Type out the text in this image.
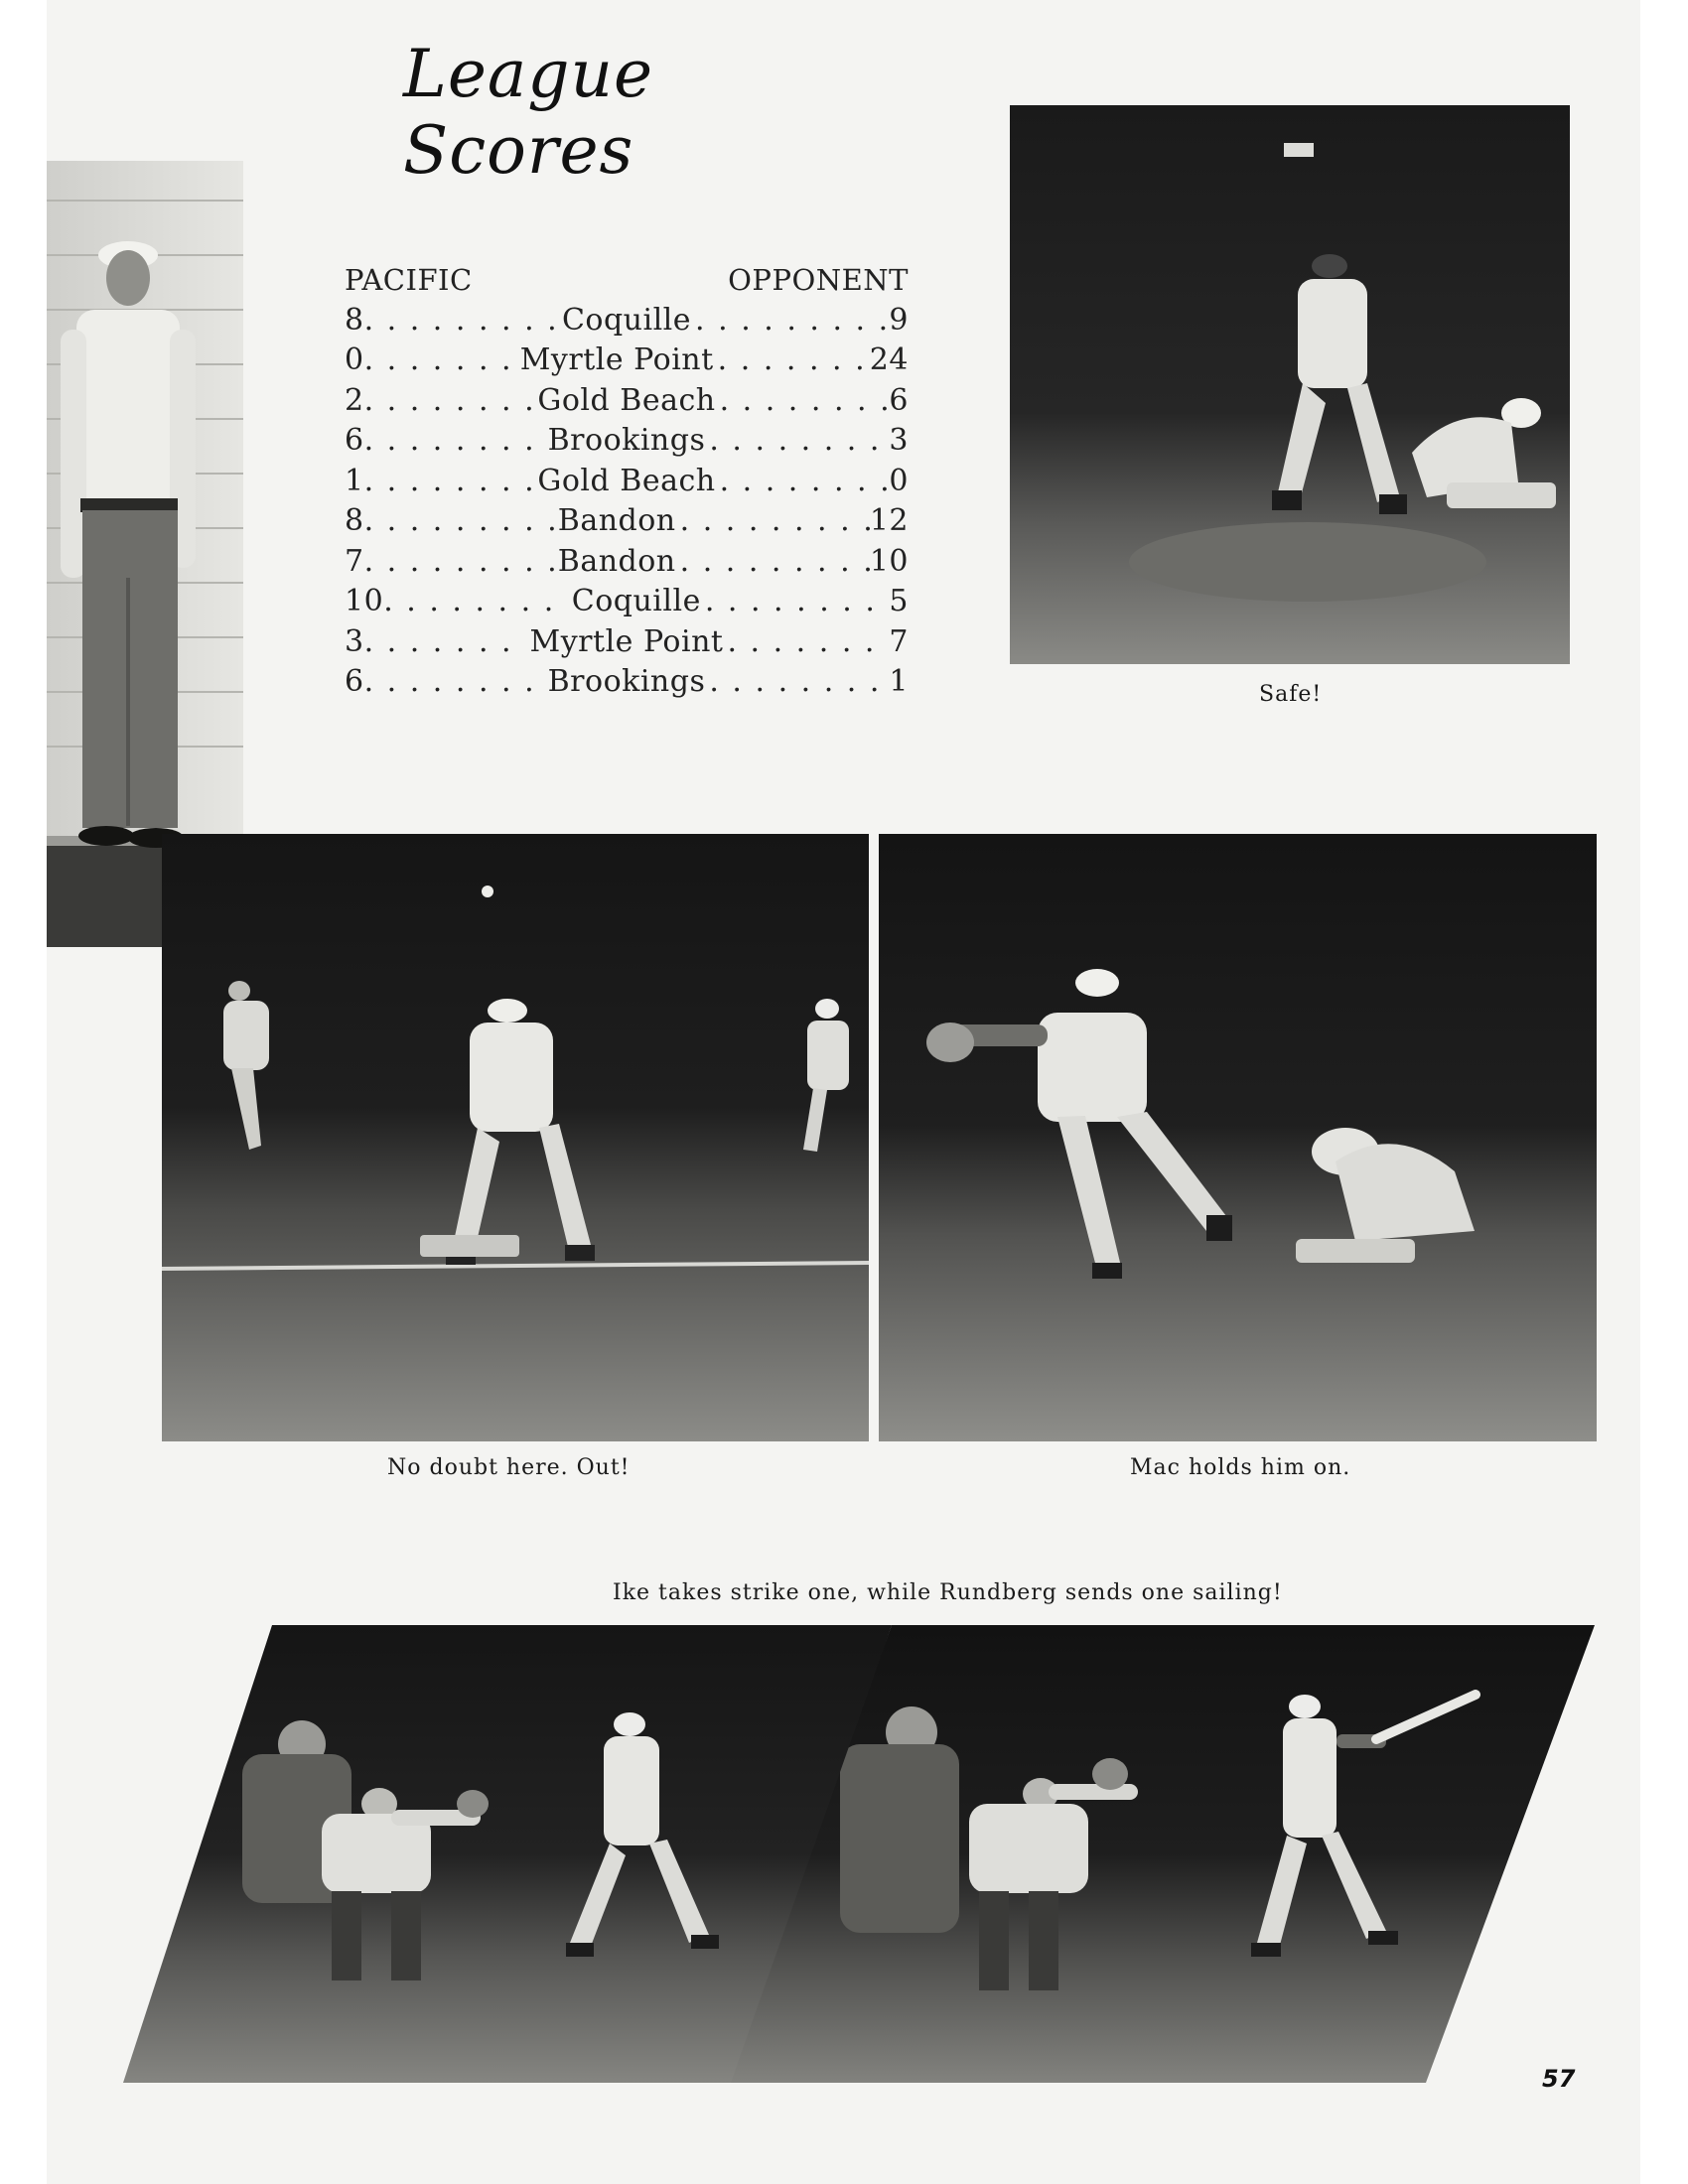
League Scores
PACIFIC	OPPONENT
8 . . .	Coquille . . .	9
0 . . .	Myrtle Point . . .	24
2 . . .	Gold Beach . . .	6
6 . . .	Brookings . . .	3
1 . . .	Gold Beach . . .	0
8 . . .	Bandon . . .	12
7 . . .	Bandon . . .	10
10 . . .	Coquille . . .	5
3 . . .	Myrtle Point . . .	7
6 . . .	Brookings . . .	1	Safe!
No doubt here. Out!	Mac holds him on.
Ike takes strike one, while Rundberg sends one sailing!
57
